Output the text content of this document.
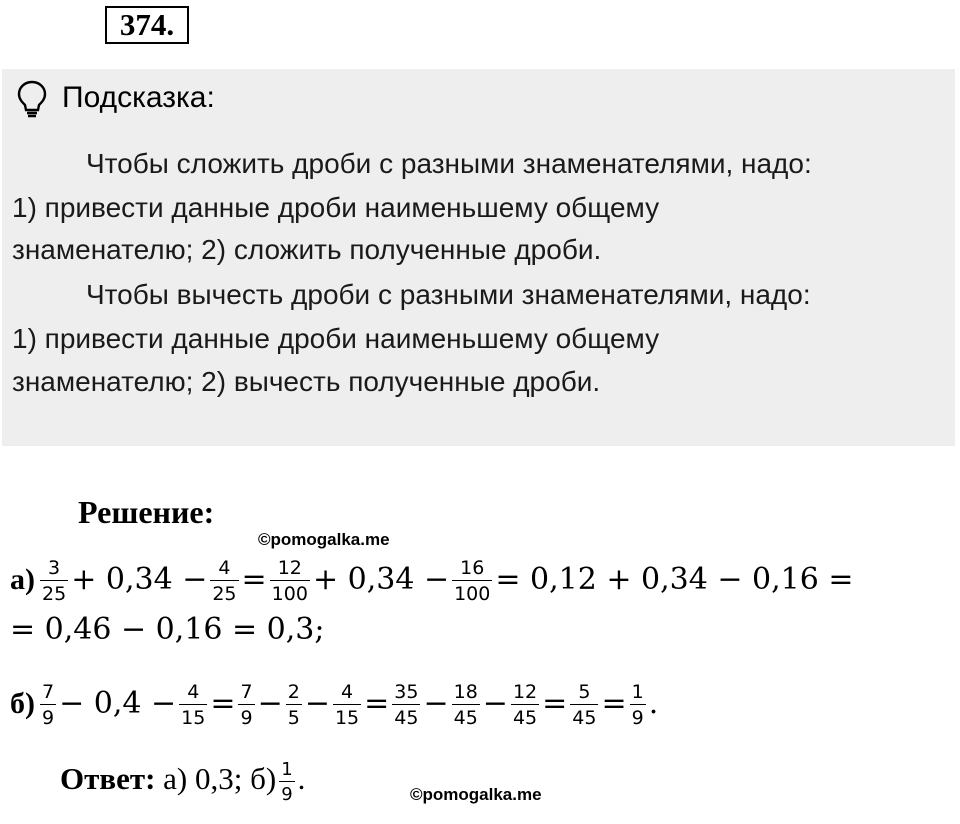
374.
Подсказка:
Чтобы сложить дроби с разными знаменателями, надо:
1) привести данные дроби наименьшему общему
знаменателю; 2) сложить полученные дроби.
Чтобы вычесть дроби с разными знаменателями, надо:
1) привести данные дроби наименьшему общему
знаменателю; 2) вычесть полученные дроби.
Решение:
©pomogalka.me
$а) \frac{3}{25} + 0,34 - \frac{4}{25} = \frac{12}{100} + 0,34 - \frac{16}{100} = 0,12 + 0,34 - 0,16$ =
= 0,46 − 0,16 = 0,3;
$б) \frac{7}{9} - 0,4 - \frac{4}{15} = \frac{7}{9} - \frac{2}{5} - \frac{4}{15} = \frac{35}{45} - \frac{18}{45} - \frac{12}{45} = \frac{5}{45} = \frac{1}{9}$ .
Ответ: а) 0,3; $б) \frac{1}{9}$ .	©pomogalka.me
